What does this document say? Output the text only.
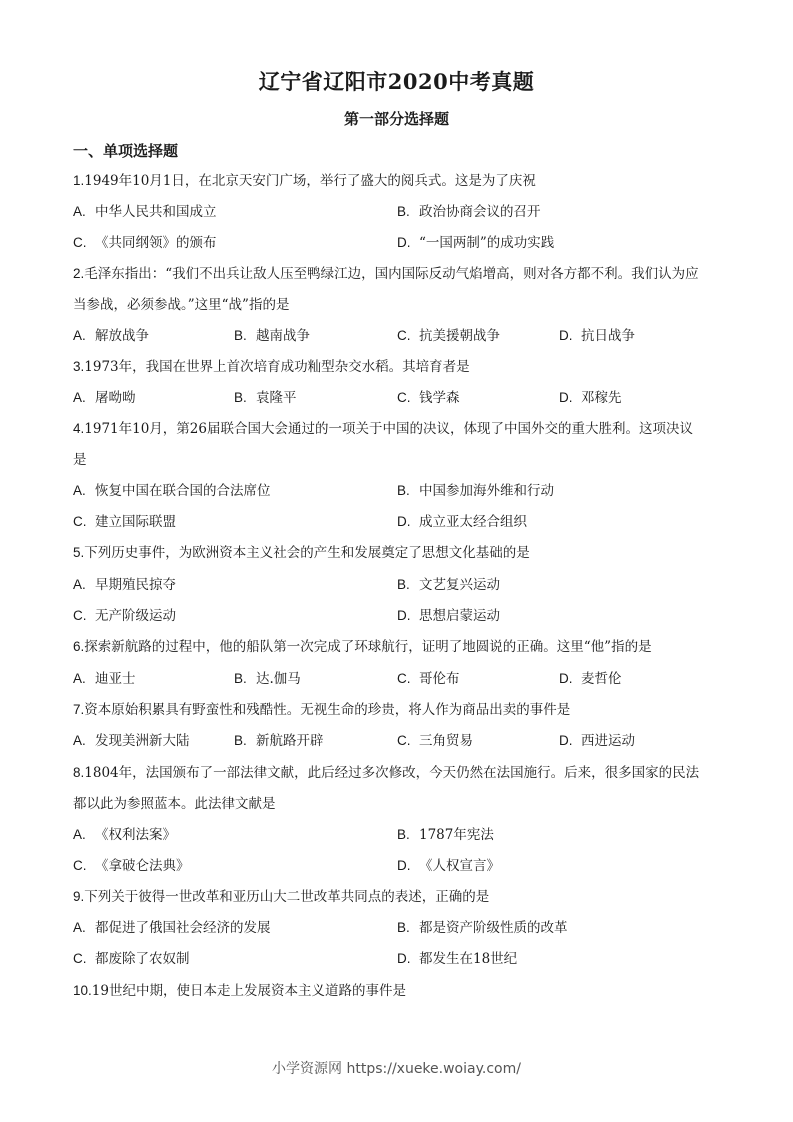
辽宁省辽阳市2020中考真题
第一部分选择题
一、单项选择题
1.1949年10月1日，在北京天安门广场，举行了盛大的阅兵式。这是为了庆祝
A. 中华人民共和国成立	B. 政治协商会议的召开
C. 《共同纲领》的颁布	D. “一国两制”的成功实践
2.毛泽东指出：“我们不出兵让敌人压至鸭绿江边，国内国际反动气焰增高，则对各方都不利。我们认为应
当参战，必须参战。”这里“战”指的是
A. 解放战争	B. 越南战争	C. 抗美援朝战争	D. 抗日战争
3.1973年，我国在世界上首次培育成功籼型杂交水稻。其培育者是
A. 屠呦呦	B. 袁隆平	C. 钱学森	D. 邓稼先
4.1971年10月，第26届联合国大会通过的一项关于中国的决议，体现了中国外交的重大胜利。这项决议
是
A. 恢复中国在联合国的合法席位	B. 中国参加海外维和行动
C. 建立国际联盟	D. 成立亚太经合组织
5.下列历史事件，为欧洲资本主义社会的产生和发展奠定了思想文化基础的是
A. 早期殖民掠夺	B. 文艺复兴运动
C. 无产阶级运动	D. 思想启蒙运动
6.探索新航路的过程中，他的船队第一次完成了环球航行，证明了地圆说的正确。这里“他”指的是
A. 迪亚士	B. 达.伽马	C. 哥伦布	D. 麦哲伦
7.资本原始积累具有野蛮性和残酷性。无视生命的珍贵，将人作为商品出卖的事件是
A. 发现美洲新大陆	B. 新航路开辟	C. 三角贸易	D. 西进运动
8.1804年，法国颁布了一部法律文献，此后经过多次修改，今天仍然在法国施行。后来，很多国家的民法
都以此为参照蓝本。此法律文献是
A. 《权利法案》	B. 1787年宪法
C. 《拿破仑法典》	D. 《人权宣言》
9.下列关于彼得一世改革和亚历山大二世改革共同点的表述，正确的是
A. 都促进了俄国社会经济的发展	B. 都是资产阶级性质的改革
C. 都废除了农奴制	D. 都发生在18世纪
10.19世纪中期，使日本走上发展资本主义道路的事件是
小学资源网 https://xueke.woiay.com/
